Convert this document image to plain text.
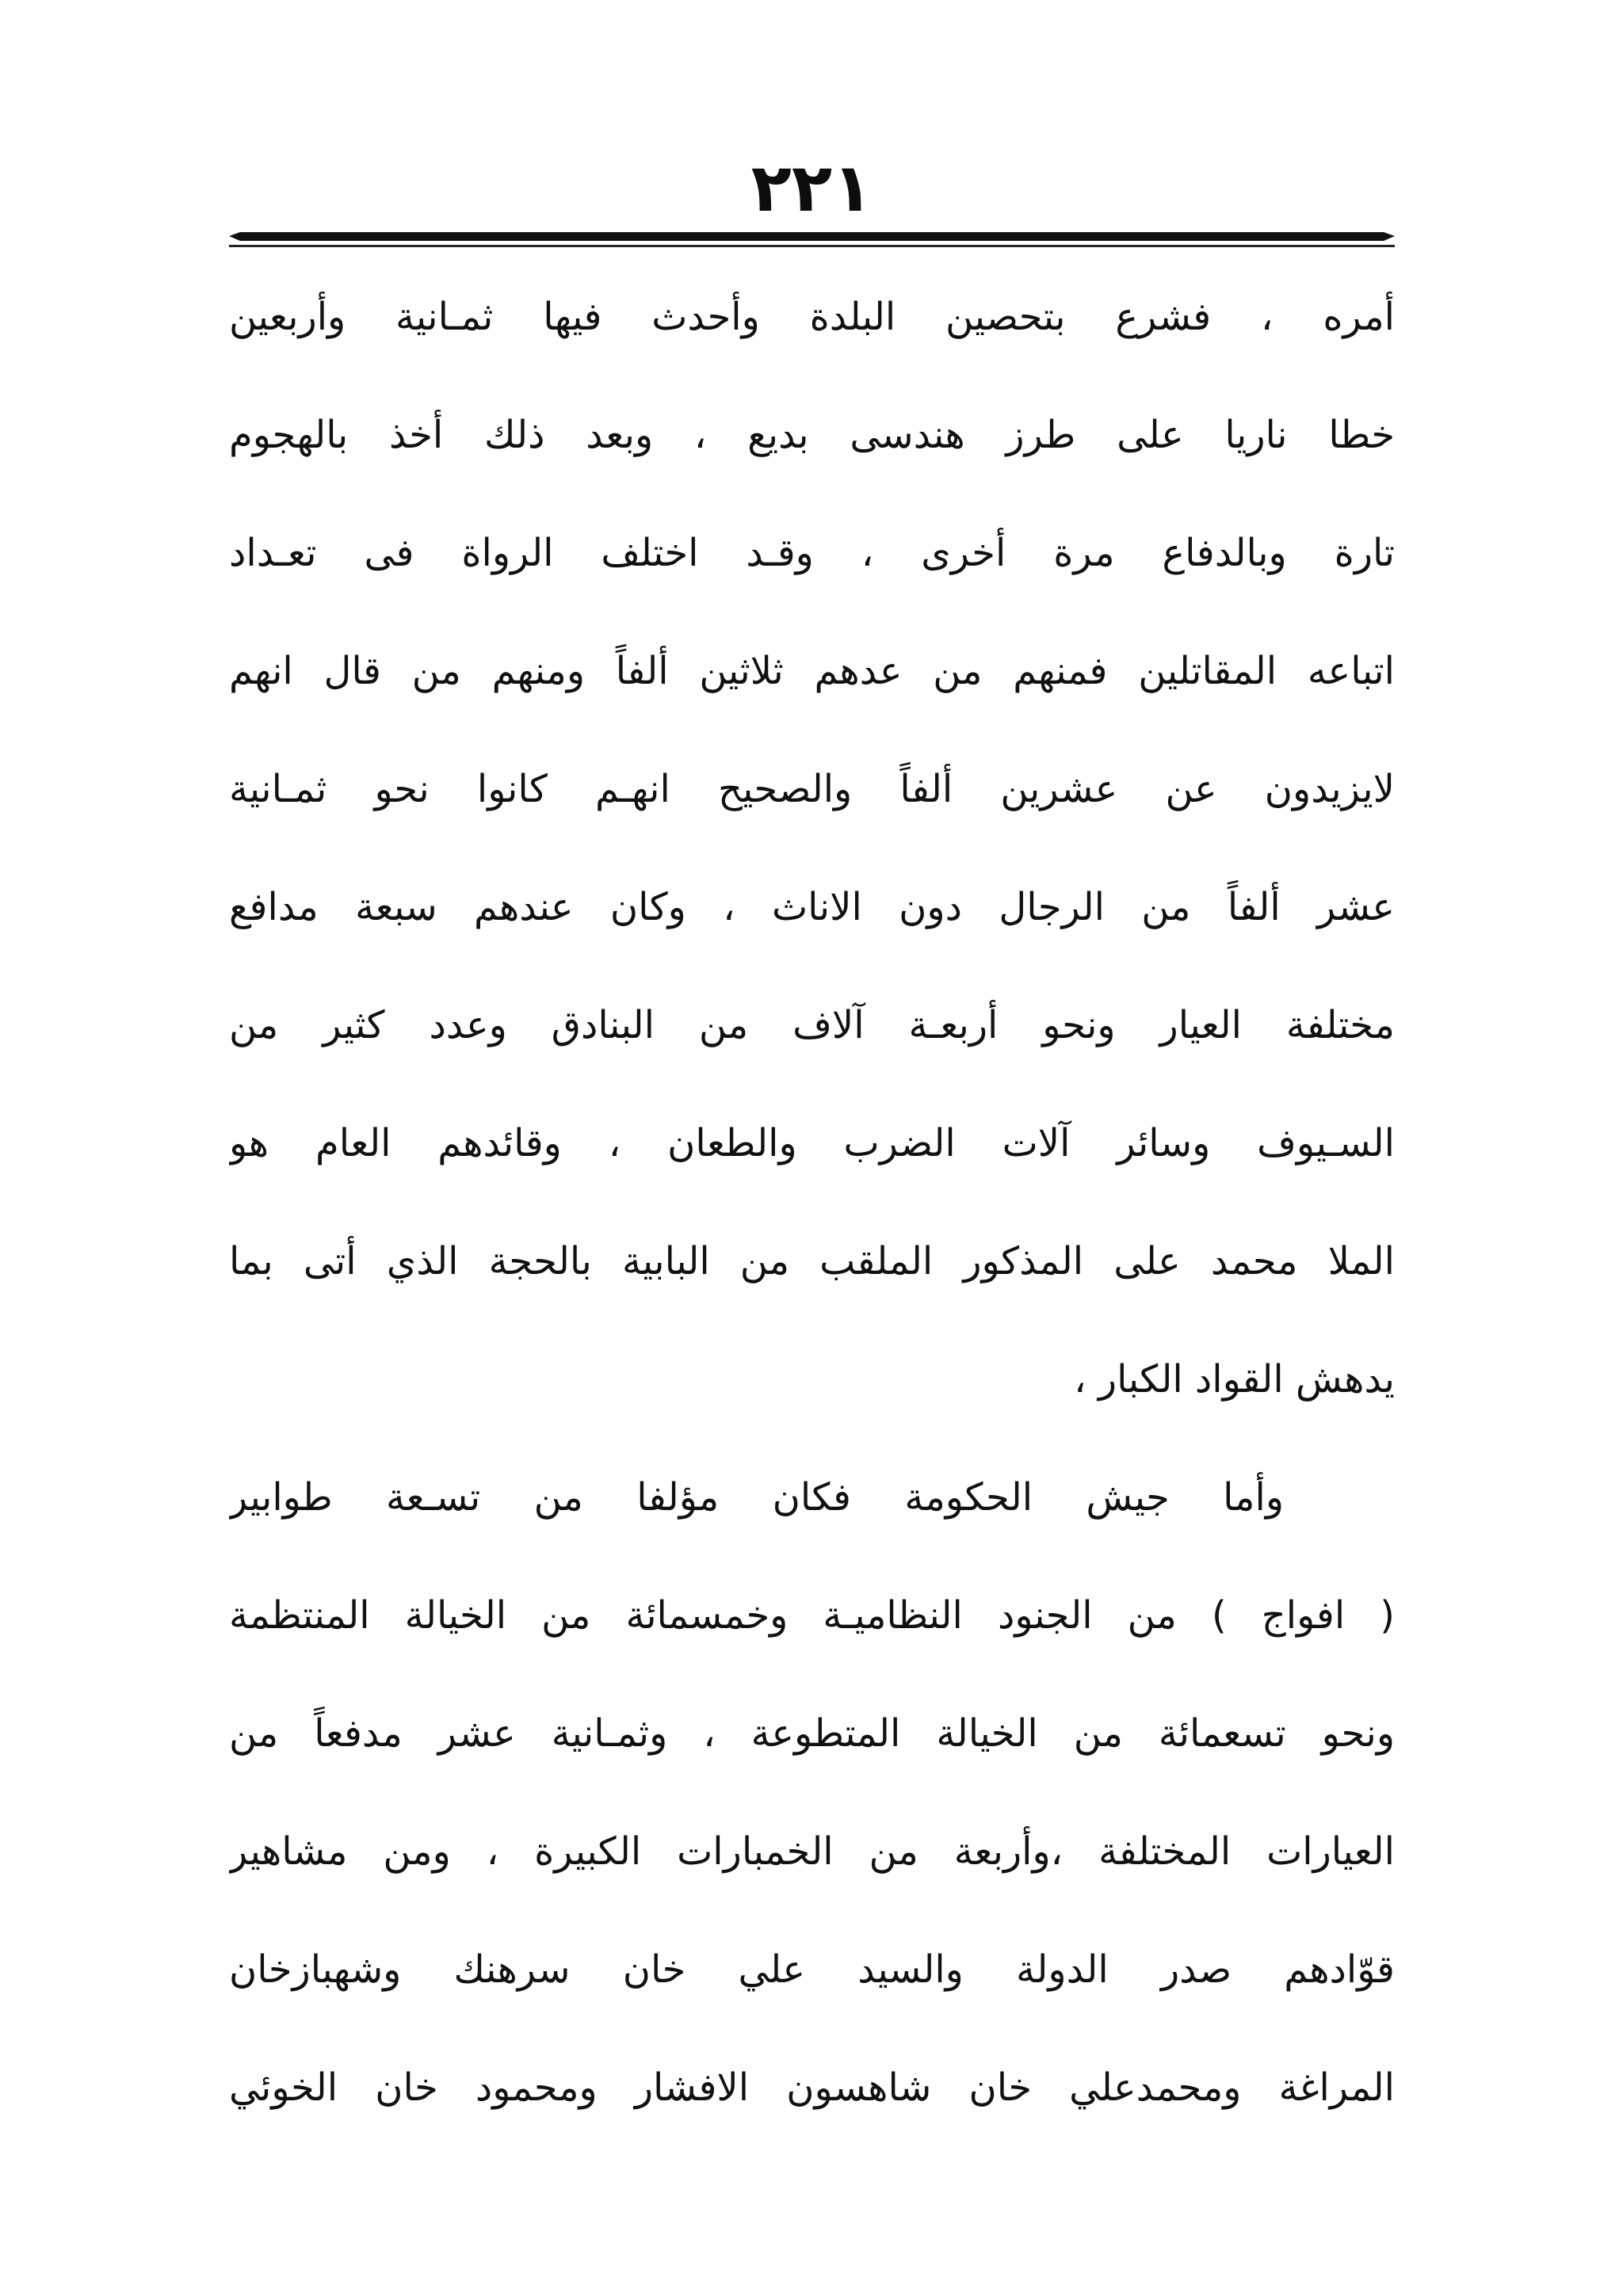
٢٢١
أمره ، فشرع بتحصين البلدة وأحدث فيها ثمـانية وأربعين
خطا ناريا على طرز هندسى بديع ، وبعد ذلك أخذ بالهجوم
تارة وبالدفاع مرة أخرى ، وقـد اختلف الرواة فى تعـداد
اتباعه المقاتلين فمنهم من عدهم ثلاثين ألفاً ومنهم من قال انهم
لايزيدون عن عشرين ألفاً والصحيح انهـم كانوا نحو ثمـانية
عشر ألفاً من الرجال دون الاناث ، وكان عندهم سبعة مدافع
مختلفة العيار ونحو أربعـة آلاف من البنادق وعدد كثير من
السـيوف وسائر آلات الضرب والطعان ، وقائدهم العام هو
الملا محمد على المذكور الملقب من البابية بالحجة الذي أتى بما
يدهش القواد الكبار ،
وأما جيش الحكومة فكان مؤلفا من تسـعة طوابير
( افواج ) من الجنود النظاميـة وخمسمائة من الخيالة المنتظمة
ونحو تسعمائة من الخيالة المتطوعة ، وثمـانية عشر مدفعاً من
العيارات المختلفة ،وأربعة من الخمبارات الكبيرة ، ومن مشاهير
قوّادهم صدر الدولة والسيد علي خان سرهنك وشهبازخان
المراغة ومحمدعلي خان شاهسون الافشار ومحمود خان الخوئي
